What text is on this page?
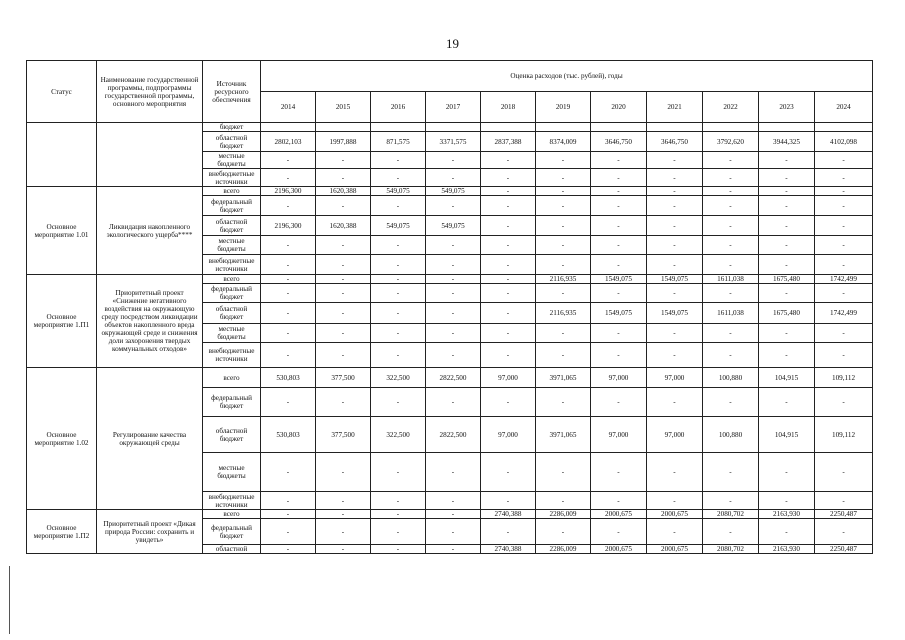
19
Статус	Наименование государственной программы, подпрограммы государственной программы, основного мероприятия	Источник ресурсного обеспечения	Оценка расходов (тыс. рублей), годы										
			2014	2015	2016	2017	2018	2019	2020	2021	2022	2023	2024
		бюджет											
		областной бюджет	2802,103	1997,888	871,575	3371,575	2837,388	8374,009	3646,750	3646,750	3792,620	3944,325	4102,098
		местные бюджеты	-	-	-	-	-	-	-	-	-	-	-
		внебюджетные источники	-	-	-	-	-	-	-	-	-	-	-
Основное мероприятие 1.01	Ликвидация накопленного экологического ущерба****	всего	2196,300	1620,388	549,075	549,075	-	-	-	-	-	-	-
		федеральный бюджет	-	-	-	-	-	-	-	-	-	-	-
		областной бюджет	2196,300	1620,388	549,075	549,075	-	-	-	-	-	-	-
		местные бюджеты	-	-	-	-	-	-	-	-	-	-	-
		внебюджетные источники	-	-	-	-	-	-	-	-	-	-	-
Основное мероприятие 1.П1	Приоритетный проект «Снижение негативного воздействия на окружающую среду посредством ликвидации объектов накопленного вреда окружающей среде и снижения доли захоронения твердых коммунальных отходов»	всего	-	-	-	-	-	2116,935	1549,075	1549,075	1611,038	1675,480	1742,499
		федеральный бюджет	-	-	-	-	-	-	-	-	-	-	-
		областной бюджет	-	-	-	-	-	2116,935	1549,075	1549,075	1611,038	1675,480	1742,499
		местные бюджеты	-	-	-	-	-	-	-	-	-	-	-
		внебюджетные источники	-	-	-	-	-	-	-	-	-	-	-
Основное мероприятие 1.02	Регулирование качества окружающей среды	всего	530,803	377,500	322,500	2822,500	97,000	3971,065	97,000	97,000	100,880	104,915	109,112
		федеральный бюджет	-	-	-	-	-	-	-	-	-	-	-
		областной бюджет	530,803	377,500	322,500	2822,500	97,000	3971,065	97,000	97,000	100,880	104,915	109,112
		местные бюджеты	-	-	-	-	-	-	-	-	-	-	-
		внебюджетные источники	-	-	-	-	-	-	-	-	-	-	-
Основное мероприятие 1.П2	Приоритетный проект «Дикая природа России: сохранить и увидеть»	всего	-	-	-	-	2740,388	2286,009	2000,675	2000,675	2080,702	2163,930	2250,487
		федеральный бюджет	-	-	-	-	-	-	-	-	-	-	-
		областной	-	-	-	-	2740,388	2286,009	2000,675	2000,675	2080,702	2163,930	2250,487
